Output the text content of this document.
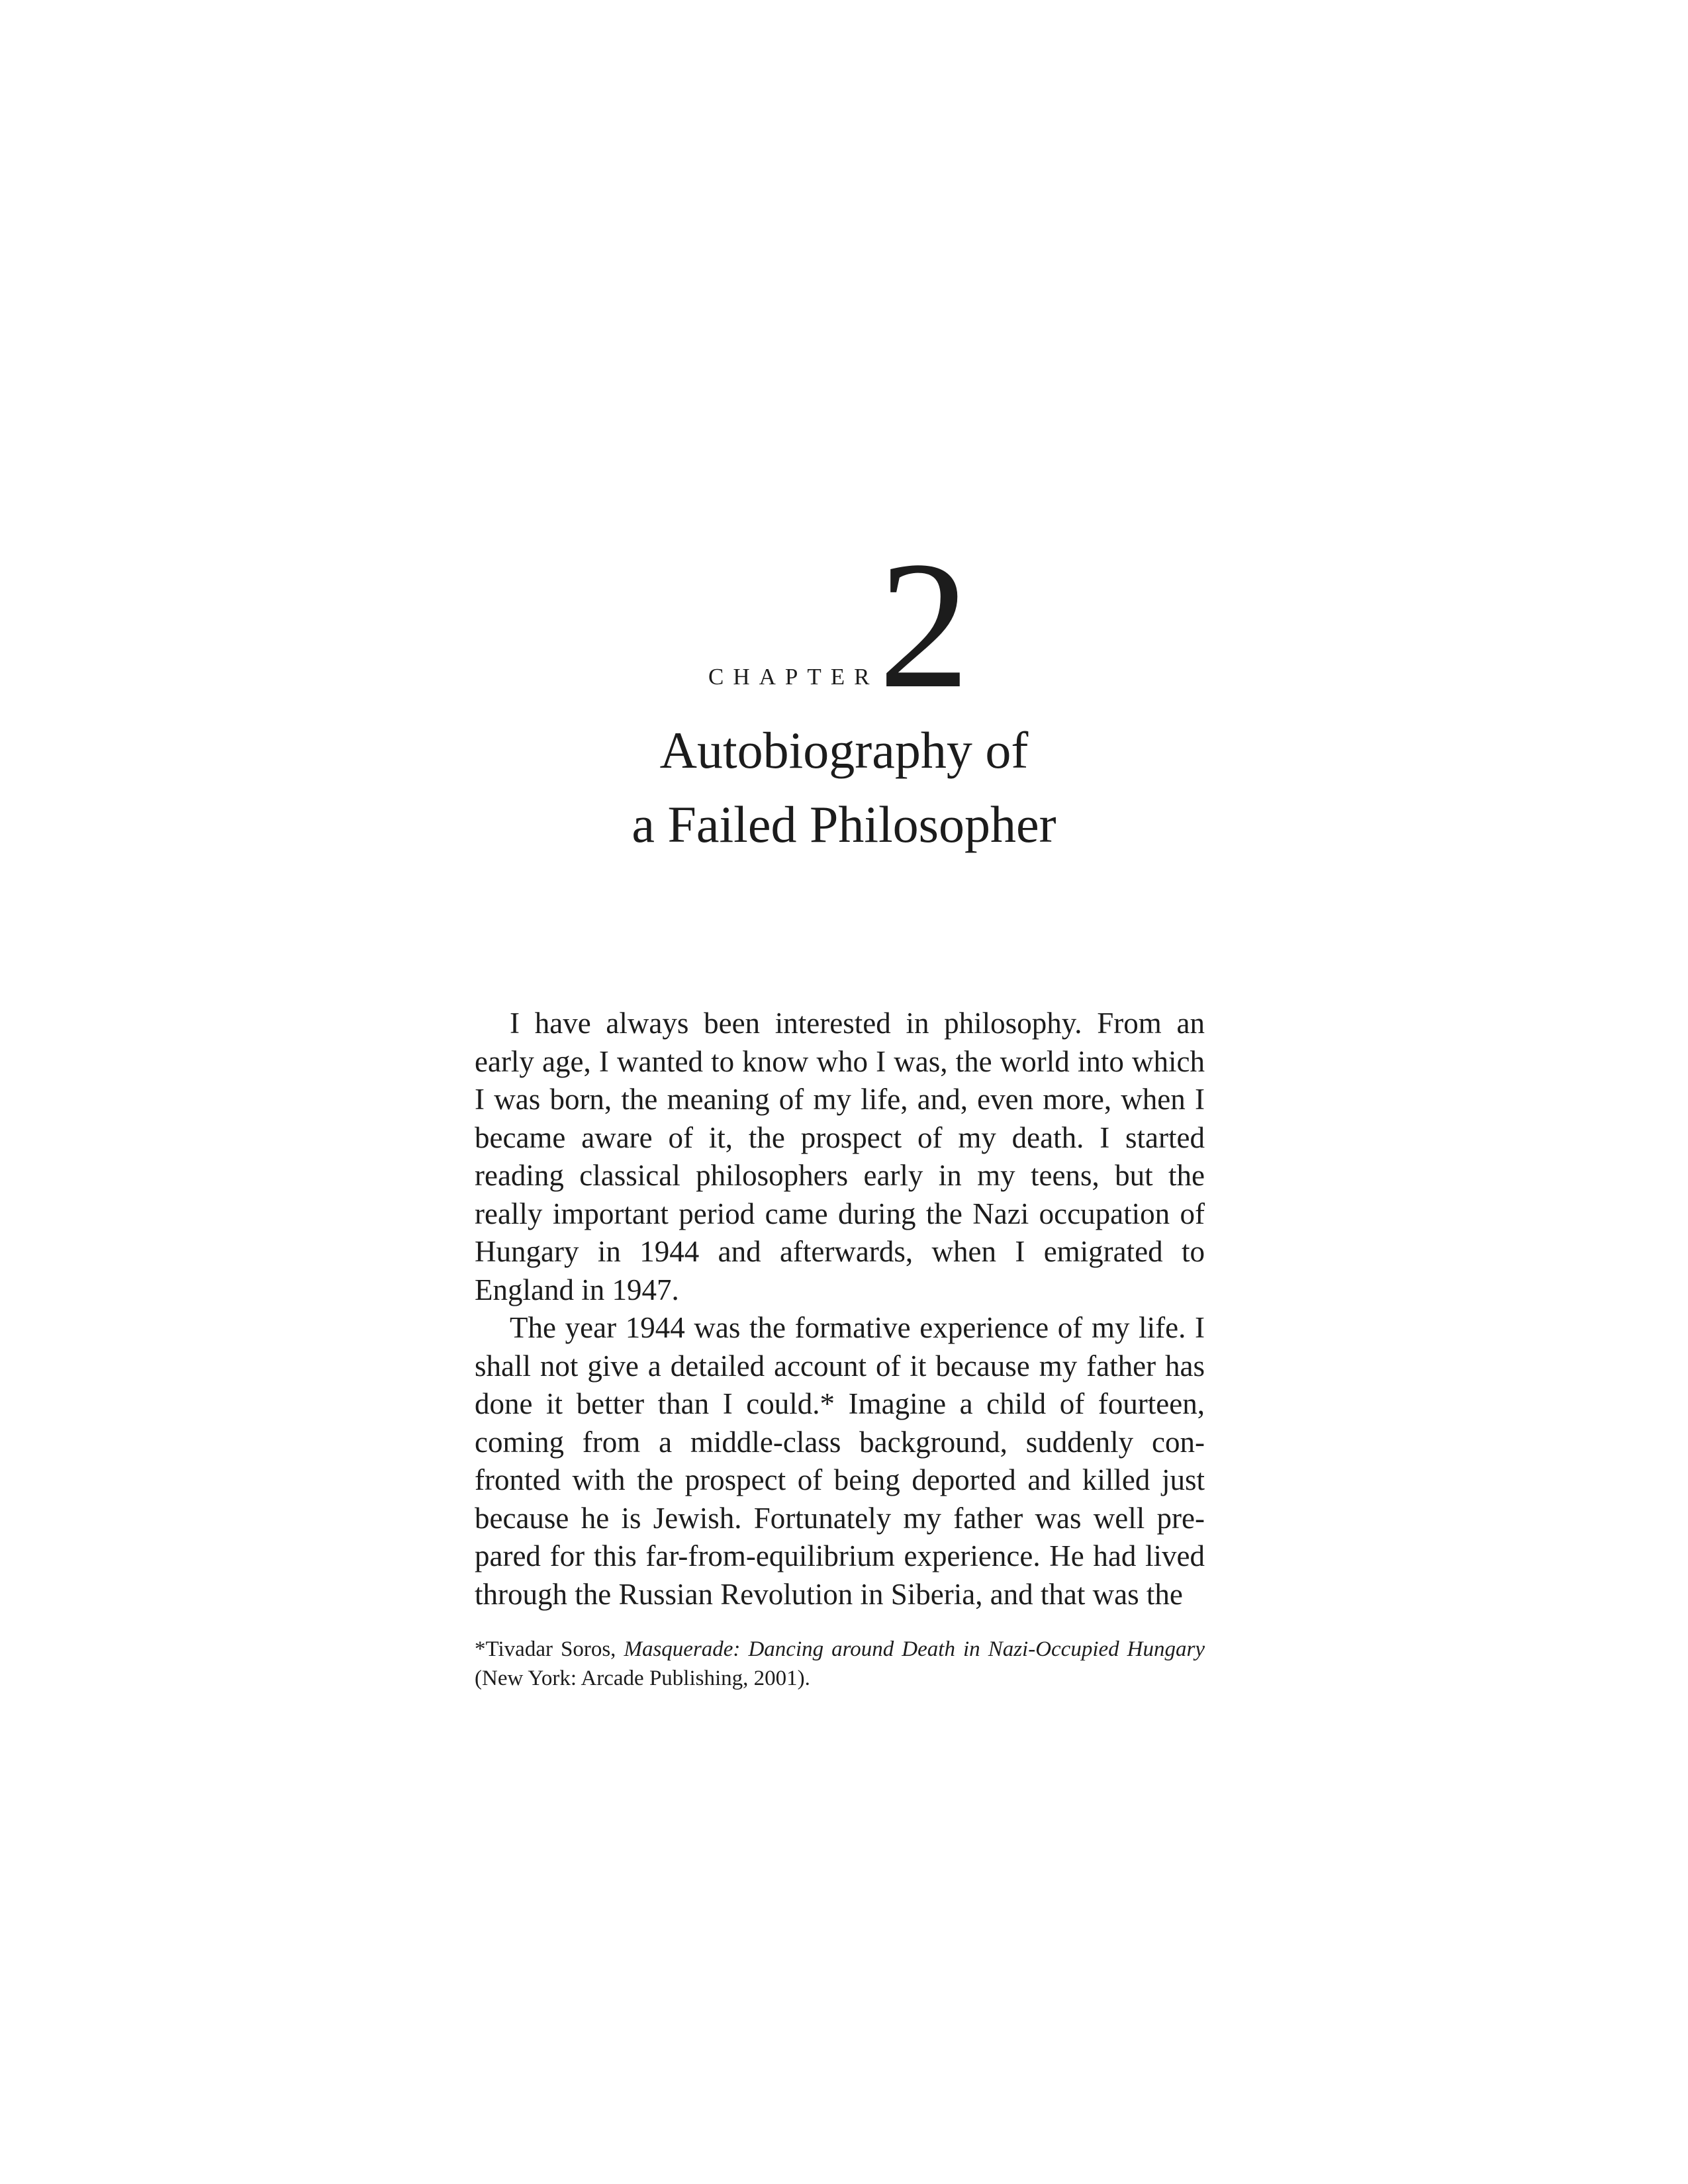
CHAPTER 2
Autobiography of
a Failed Philosopher

I have always been interested in philosophy. From an early age, I wanted to know who I was, the world into which I was born, the meaning of my life, and, even more, when I became aware of it, the prospect of my death. I started reading classical philosophers early in my teens, but the really important period came during the Nazi occupation of Hungary in 1944 and afterwards, when I emigrated to England in 1947.

The year 1944 was the formative experience of my life. I shall not give a detailed account of it because my father has done it better than I could.* Imagine a child of fourteen, coming from a middle-class background, suddenly confronted with the prospect of being deported and killed just because he is Jewish. Fortunately my father was well prepared for this far-from-equilibrium experience. He had lived through the Russian Revolution in Siberia, and that was the

*Tivadar Soros, Masquerade: Dancing around Death in Nazi-Occupied Hungary (New York: Arcade Publishing, 2001).
